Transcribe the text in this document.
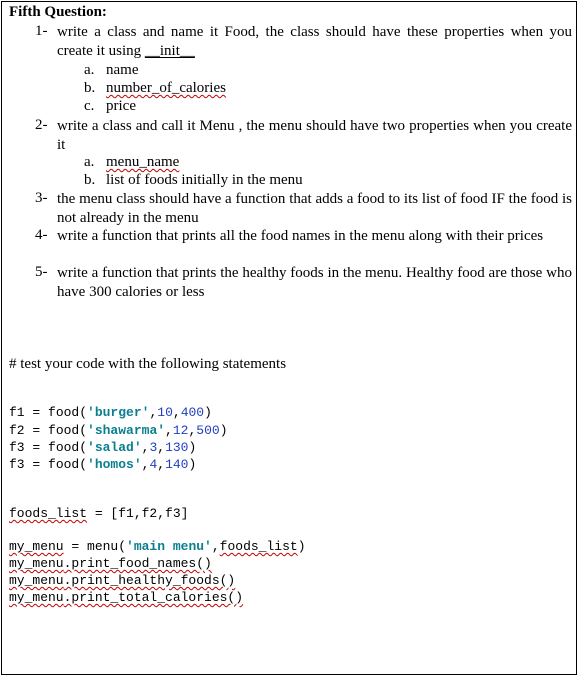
Fifth Question:
1- write a class and name it Food, the class should have these properties when you create it using __init__
a. name
b. number_of_calories
c. price
2- write a class and call it Menu , the menu should have two properties when you create it
a. menu_name
b. list of foods initially in the menu
3- the menu class should have a function that adds a food to its list of food IF the food is not already in the menu
4- write a function that prints all the food names in the menu along with their prices
5- write a function that prints the healthy foods in the menu. Healthy food are those who have 300 calories or less
# test your code with the following statements
f1 = food('burger',10,400)
f2 = food('shawarma',12,500)
f3 = food('salad',3,130)
f3 = food('homos',4,140)
foods_list = [f1,f2,f3]
my_menu = menu('main menu',foods_list)
my_menu.print_food_names()
my_menu.print_healthy_foods()
my_menu.print_total_calories()
